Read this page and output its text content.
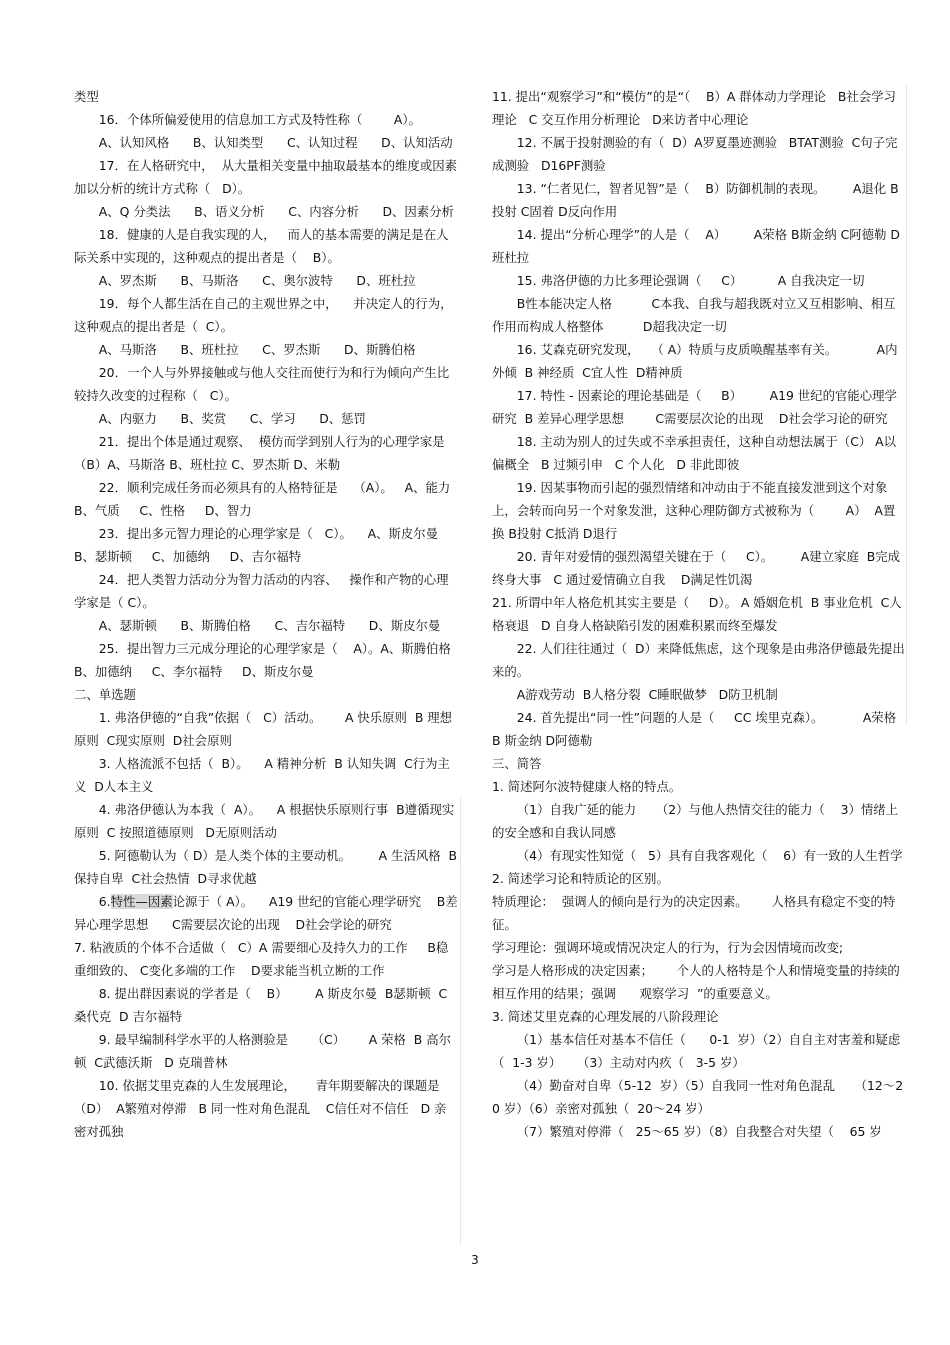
类型

16．个体所偏爱使用的信息加工方式及特性称（        A）。

A、认知风格      B、认知类型      C、认知过程      D、认知活动

17．在人格研究中，  从大量相关变量中抽取最基本的维度或因素加以分析的统计方式称（   D）。

A、Q 分类法      B、语义分析      C、内容分析      D、因素分析

18．健康的人是自我实现的人，   而人的基本需要的满足是在人际关系中实现的，这种观点的提出者是（    B）。

A、罗杰斯      B、马斯洛      C、奥尔波特      D、班杜拉

19．每个人都生活在自己的主观世界之中，    并决定人的行为，这种观点的提出者是（  C）。

A、马斯洛      B、班杜拉      C、罗杰斯      D、斯腾伯格

20．一个人与外界接触或与他人交往而使行为和行为倾向产生比较持久改变的过程称（   C）。

A、内驱力      B、奖赏      C、学习      D、惩罚

21．提出个体是通过观察、  模仿而学到别人行为的心理学家是（B）A、马斯洛 B、班杜拉 C、罗杰斯 D、米勒

22．顺利完成任务而必须具有的人格特征是    （A）。   A、能力     B、气质     C、性格     D、智力

23．提出多元智力理论的心理学家是（   C）。    A、斯皮尔曼     B、瑟斯顿     C、加德纳     D、吉尔福特

24．把人类智力活动分为智力活动的内容、   操作和产物的心理学家是（ C）。

A、瑟斯顿      B、斯腾伯格      C、吉尔福特      D、斯皮尔曼

25．提出智力三元成分理论的心理学家是（    A）。A、斯腾伯格 B、加德纳     C、李尔福特     D、斯皮尔曼

二、单选题

1. 弗洛伊德的“自我”依据（   C）活动。      A 快乐原则  B 理想原则  C现实原则  D社会原则

3. 人格流派不包括（  B）。    A 精神分析  B 认知失调  C行为主义  D人本主义

4. 弗洛伊德认为本我（  A）。    A 根据快乐原则行事  B遵循现实原则  C 按照道德原则   D无原则活动

5. 阿德勒认为（ D）是人类个体的主要动机。       A 生活风格  B保持自卑  C社会热情  D寻求优越

6.特性—因素论源于（ A）。    A19 世纪的官能心理学研究    B差异心理学思想      C需要层次论的出现    D社会学论的研究

7. 粘液质的个体不合适做（   C）A 需要细心及持久力的工作     B稳重细致的、 C变化多端的工作    D要求能当机立断的工作

8. 提出群因素说的学者是（    B）       A 斯皮尔曼  B瑟斯顿  C桑代克  D 吉尔福特

9. 最早编制科学水平的人格测验是      （C）      A 荣格  B 高尔顿  C武德沃斯   D 克瑞普林

10. 依据艾里克森的人生发展理论，     青年期要解决的课题是  （D）  A繁殖对停滞   B 同一性对角色混乱    C信任对不信任   D 亲密对孤独

11. 提出“观察学习”和“模仿”的是“（    B）A 群体动力学理论   B社会学习理论   C 交互作用分析理论   D来访者中心理论

12. 不属于投射测验的有（  D）A罗夏墨迹测验   BTAT测验  C句子完成测验   D16PF测验

13. “仁者见仁，智者见智”是（    B）防御机制的表现。       A退化 B投射 C固着 D反向作用

14. 提出“分析心理学”的人是（    A）       A荣格 B斯金纳 C阿德勒 D班杜拉

15. 弗洛伊德的力比多理论强调（     C）         A 自我决定一切

B性本能决定人格          C本我、自我与超我既对立又互相影响、相互作用而构成人格整体          D超我决定一切

16. 艾森克研究发现，   （ A）特质与皮质唤醒基率有关。          A内外倾  B 神经质  C宜人性  D精神质

17. 特性 - 因素论的理论基础是（     B）       A19 世纪的官能心理学研究  B 差异心理学思想        C需要层次论的出现    D社会学习论的研究

18. 主动为别人的过失或不幸承担责任，这种自动想法属于（C） A以偏概全   B 过频引申   C 个人化   D 非此即彼

19. 因某事物而引起的强烈情绪和冲动由于不能直接发泄到这个对象上，会转而向另一个对象发泄，这种心理防御方式被称为（        A）  A置换 B投射 C抵消 D退行

20. 青年对爱情的强烈渴望关键在于（     C）。       A建立家庭  B完成终身大事   C 通过爱情确立自我    D满足性饥渴

21. 所谓中年人格危机其实主要是（     D）。 A 婚姻危机  B 事业危机  C人格衰退   D 自身人格缺陷引发的困难积累而终至爆发

22. 人们往往通过（  D）来降低焦虑，这个现象是由弗洛伊德最先提出来的。

A游戏劳动  B人格分裂  C睡眠做梦   D防卫机制

24. 首先提出“同一性”问题的人是（     CC 埃里克森）。          A荣格 B 斯金纳 D阿德勒

三、简答

1. 简述阿尔波特健康人格的特点。

（1）自我广延的能力     （2）与他人热情交往的能力（    3）情绪上的安全感和自我认同感

（4）有现实性知觉（   5）具有自我客观化（    6）有一致的人生哲学

2. 简述学习论和特质论的区别。

特质理论：  强调人的倾向是行为的决定因素。      人格具有稳定不变的特征。

学习理论：强调环境或情况决定人的行为，行为会因情境而改变;

学习是人格形成的决定因素；      个人的人格特是个人和情境变量的持续的相互作用的结果；强调      观察学习  ”的重要意义。

3. 简述艾里克森的心理发展的八阶段理论

（1）基本信任对基本不信任（      0-1  岁）（2）自自主对害羞和疑虑（  1-3 岁）    （3）主动对内疚（   3-5 岁）

（4）勤奋对自卑（5-12  岁）（5）自我同一性对角色混乱     （12～20 岁）（6）亲密对孤独（  20～24 岁）

（7）繁殖对停滞（   25～65 岁）（8）自我整合对失望（    65 岁

3
